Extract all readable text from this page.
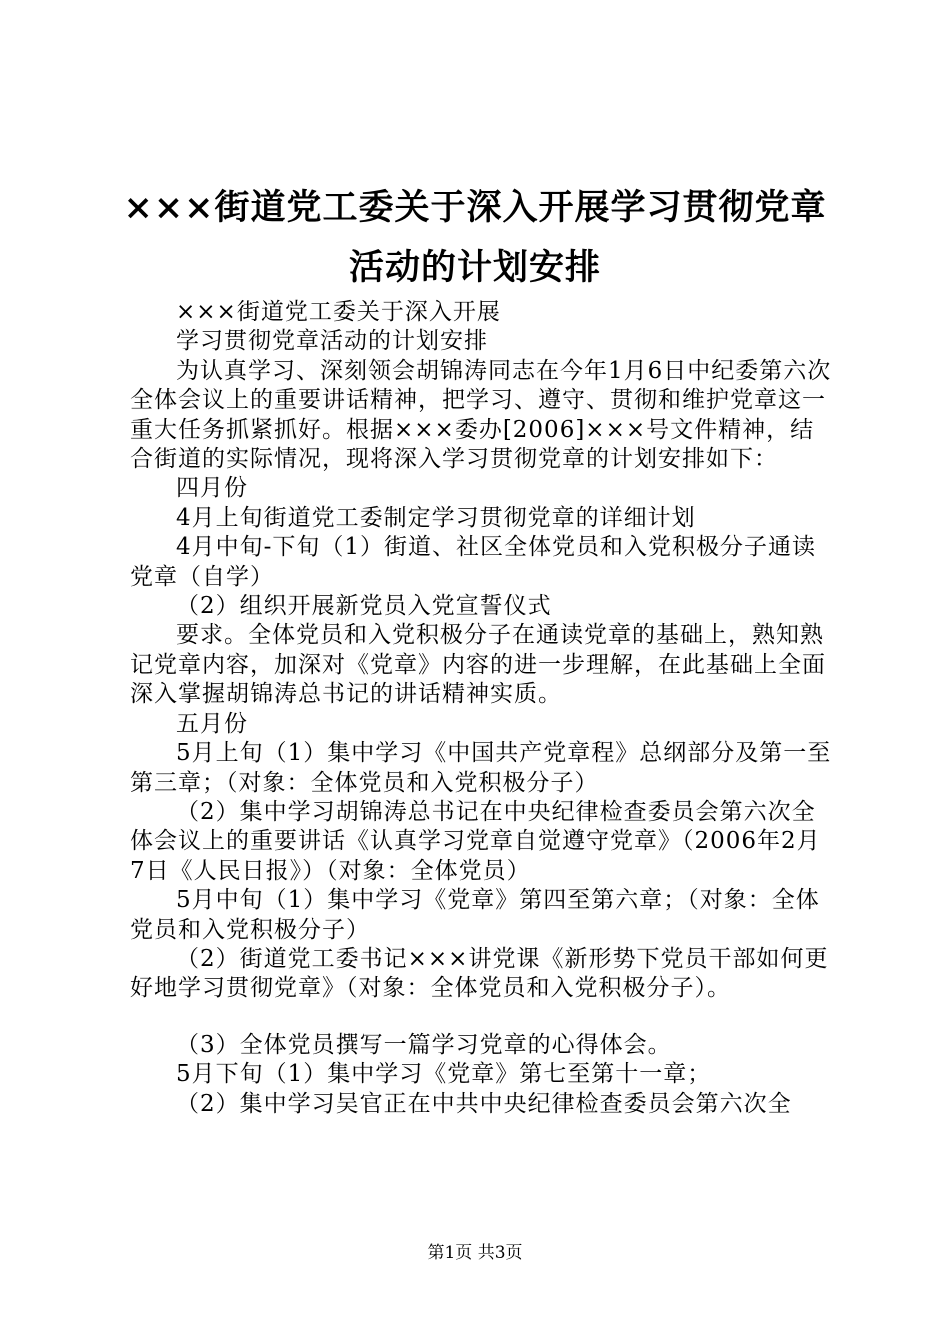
×××街道党工委关于深入开展学习贯彻党章
活动的计划安排

×××街道党工委关于深入开展

学习贯彻党章活动的计划安排

为认真学习、深刻领会胡锦涛同志在今年1月6日中纪委第六次全体会议上的重要讲话精神，把学习、遵守、贯彻和维护党章这一重大任务抓紧抓好。根据×××委办[2006]×××号文件精神，结合街道的实际情况，现将深入学习贯彻党章的计划安排如下：

四月份

4月上旬街道党工委制定学习贯彻党章的详细计划

4月中旬-下旬（1）街道、社区全体党员和入党积极分子通读党章（自学）

（2）组织开展新党员入党宣誓仪式

要求。全体党员和入党积极分子在通读党章的基础上，熟知熟记党章内容，加深对《党章》内容的进一步理解，在此基础上全面深入掌握胡锦涛总书记的讲话精神实质。

五月份

5月上旬（1）集中学习《中国共产党章程》总纲部分及第一至第三章；（对象：全体党员和入党积极分子）

（2）集中学习胡锦涛总书记在中央纪律检查委员会第六次全体会议上的重要讲话《认真学习党章自觉遵守党章》（2006年2月7日《人民日报》）（对象：全体党员）

5月中旬（1）集中学习《党章》第四至第六章；（对象：全体党员和入党积极分子）

（2）街道党工委书记×××讲党课《新形势下党员干部如何更好地学习贯彻党章》（对象：全体党员和入党积极分子）。

（3）全体党员撰写一篇学习党章的心得体会。

5月下旬（1）集中学习《党章》第七至第十一章；

（2）集中学习吴官正在中共中央纪律检查委员会第六次全

第1页 共3页
